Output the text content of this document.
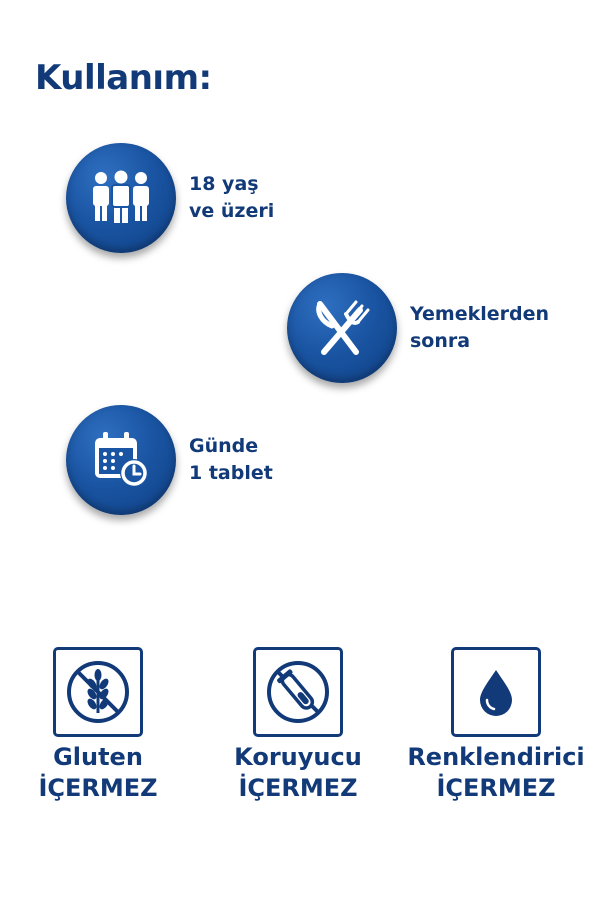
Kullanım:
18 yaş
ve üzeri
Yemeklerden
sonra
Günde
1 tablet
Gluten
İÇERMEZ
Koruyucu
İÇERMEZ
Renklendirici
İÇERMEZ
